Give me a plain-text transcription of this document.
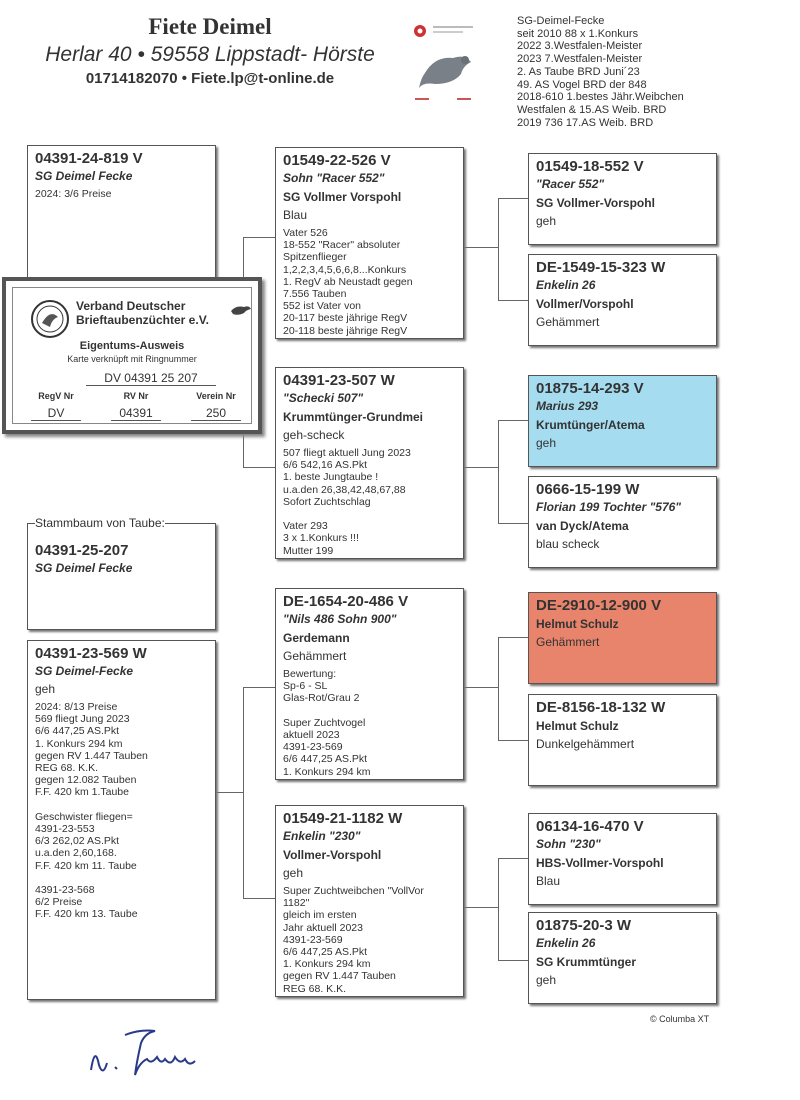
Fiete Deimel
Herlar 40 • 59558 Lippstadt- Hörste
01714182070 • Fiete.lp@t-online.de
SG-Deimel-Fecke
seit 2010 88 x 1.Konkurs
2022 3.Westfalen-Meister
2023 7.Westfalen-Meister
2. As Taube BRD Juni´23
49. AS Vogel BRD der 848
2018-610 1.bestes Jähr.Weibchen
Westfalen & 15.AS Weib. BRD
2019 736 17.AS Weib. BRD
04391-24-819 V
SG Deimel Fecke
2024: 3/6 Preise
04391-25-207
SG Deimel Fecke
Stammbaum von Taube:
04391-23-569 W
SG Deimel-Fecke
geh
2024: 8/13 Preise
569 fliegt Jung 2023
6/6 447,25 AS.Pkt
1. Konkurs 294 km
gegen RV 1.447 Tauben
REG 68. K.K.
gegen 12.082 Tauben
F.F. 420 km 1.Taube

Geschwister fliegen=
4391-23-553
6/3 262,02 AS.Pkt
u.a.den 2,60,168.
F.F. 420 km 11. Taube

4391-23-568
6/2 Preise
F.F. 420 km 13. Taube
01549-22-526 V
Sohn "Racer 552"
SG Vollmer Vorspohl
Blau
Vater 526
18-552 "Racer" absoluter
Spitzenflieger
1,2,2,3,4,5,6,6,8...Konkurs
1. RegV ab Neustadt gegen
7.556 Tauben
552 ist Vater von
20-117 beste jährige RegV
20-118 beste jährige RegV
04391-23-507 W
"Schecki 507"
Krummtünger-Grundmei
geh-scheck
507 fliegt aktuell Jung 2023
6/6 542,16 AS.Pkt
1. beste Jungtaube !
u.a.den 26,38,42,48,67,88
Sofort Zuchtschlag

Vater 293
3 x 1.Konkurs !!!
Mutter 199
DE-1654-20-486 V
"Nils 486 Sohn 900"
Gerdemann
Gehämmert
Bewertung:
Sp-6 - SL
Glas-Rot/Grau 2

Super Zuchtvogel
aktuell 2023
4391-23-569
6/6 447,25 AS.Pkt
1. Konkurs 294 km
01549-21-1182 W
Enkelin "230"
Vollmer-Vorspohl
geh
Super Zuchtweibchen "VollVor
1182"
gleich im ersten
Jahr aktuell 2023
4391-23-569
6/6 447,25 AS.Pkt
1. Konkurs 294 km
gegen RV 1.447 Tauben
REG 68. K.K.
01549-18-552 V
"Racer 552"
SG Vollmer-Vorspohl
geh
DE-1549-15-323 W
Enkelin 26
Vollmer/Vorspohl
Gehämmert
01875-14-293 V
Marius 293
Krumtünger/Atema
geh
0666-15-199 W
Florian 199 Tochter "576"
van Dyck/Atema
blau scheck
DE-2910-12-900 V
Helmut Schulz
Gehämmert
DE-8156-18-132 W
Helmut Schulz
Dunkelgehämmert
06134-16-470 V
Sohn "230"
HBS-Vollmer-Vorspohl
Blau
01875-20-3 W
Enkelin 26
SG Krummtünger
geh
Verband Deutscher Brieftaubenzüchter e.V.
Eigentums-Ausweis
Karte verknüpft mit Ringnummer
DV 04391 25 207
RegV Nr	RV Nr	Verein Nr
DV	04391	250
© Columba XT
